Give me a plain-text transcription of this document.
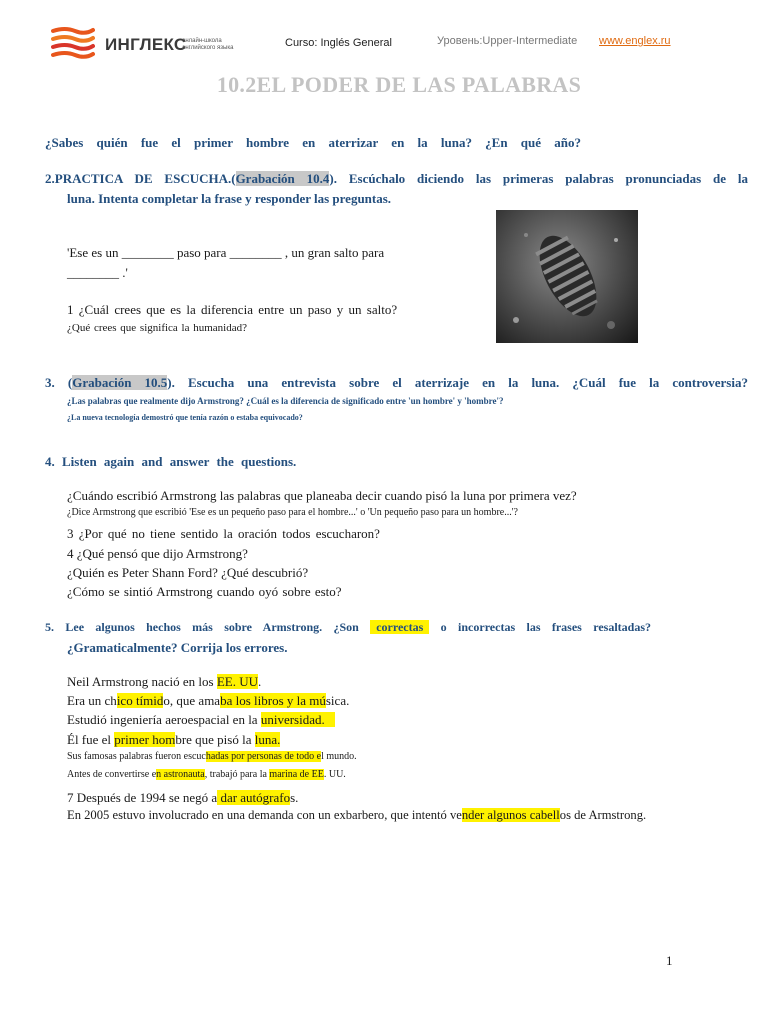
ИНГЛЕКС
онлайн-школа
английского языка	Curso: Inglés General	Уровень:Upper-Intermediate www.englex.ru
10.2EL PODER DE LAS PALABRAS
¿Sabes quién fue el primer hombre en aterrizar en la luna? ¿En qué año?
2.PRACTICA DE ESCUCHA.(Grabación 10.4). Escúchalo diciendo las primeras palabras pronunciadas de la
luna. Intenta completar la frase y responder las preguntas.
'Ese es un ________ paso para ________ , un gran salto para
________ .'
1 ¿Cuál crees que es la diferencia entre un paso y un salto?
¿Qué crees que significa la humanidad?
3. (Grabación 10.5). Escucha una entrevista sobre el aterrizaje en la luna. ¿Cuál fue la controversia?
¿Las palabras que realmente dijo Armstrong? ¿Cuál es la diferencia de significado entre 'un hombre' y 'hombre'?
¿La nueva tecnología demostró que tenía razón o estaba equivocado?
4. Listen again and answer the questions.
¿Cuándo escribió Armstrong las palabras que planeaba decir cuando pisó la luna por primera vez?
¿Dice Armstrong que escribió 'Ese es un pequeño paso para el hombre...' o 'Un pequeño paso para un hombre...'?
3 ¿Por qué no tiene sentido la oración todos escucharon?
4 ¿Qué pensó que dijo Armstrong?
¿Quién es Peter Shann Ford? ¿Qué descubrió?
¿Cómo se sintió Armstrong cuando oyó sobre esto?
5. Lee algunos hechos más sobre Armstrong. ¿Son correctas o incorrectas las frases resaltadas?
¿Gramaticalmente? Corrija los errores.
Neil Armstrong nació en los EE. UU.
Era un chico tímido, que amaba los libros y la música.
Estudió ingeniería aeroespacial en la universidad.
Él fue el primer hombre que pisó la luna.
Sus famosas palabras fueron escuchadas por personas de todo el mundo.
Antes de convertirse en astronauta, trabajó para la marina de EE. UU.
7 Después de 1994 se negó a dar autógrafos.
En 2005 estuvo involucrado en una demanda con un exbarbero, que intentó vender algunos cabellos de Armstrong.
1
